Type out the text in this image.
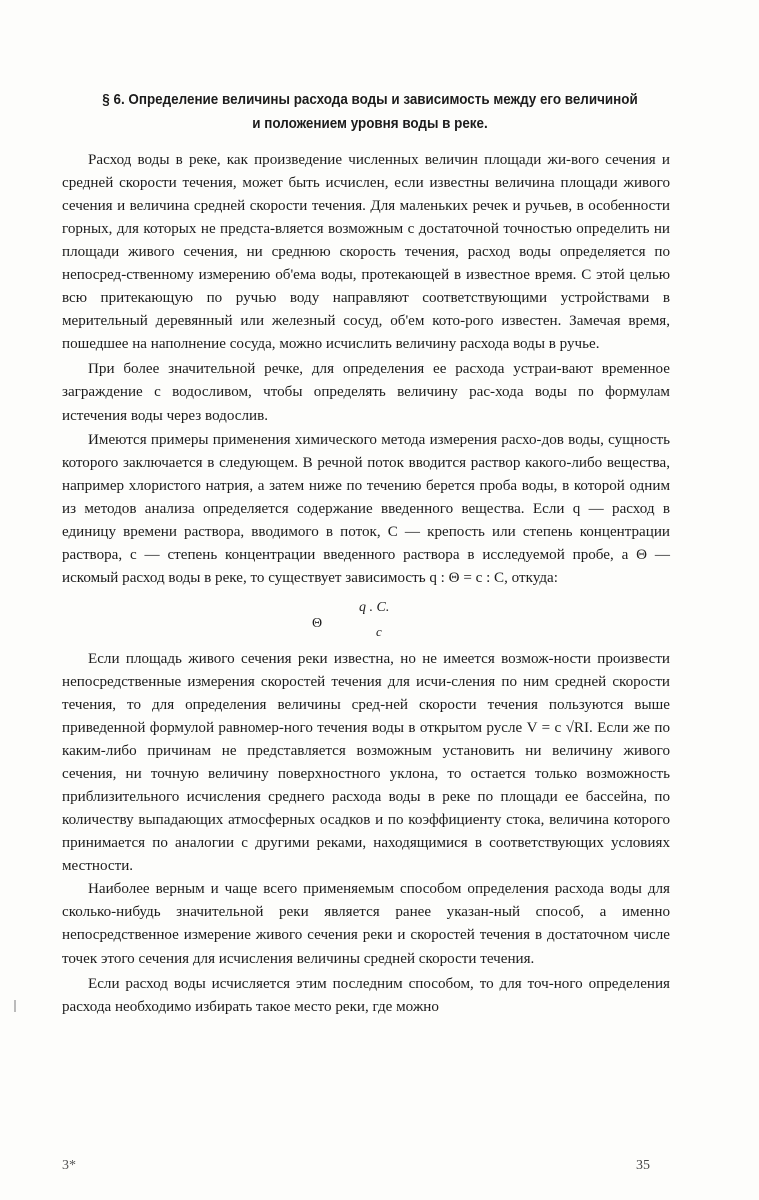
§ 6. Определение величины расхода воды и зависимость между его величиной
и положением уровня воды в реке.

Расход воды в реке, как произведение численных величин площади жи-вого сечения и средней скорости течения, может быть исчислен, если известны величина площади живого сечения и величина средней скорости течения. Для маленьких речек и ручьев, в особенности горных, для которых не предста-вляется возможным с достаточной точностью определить ни площади живого сечения, ни среднюю скорость течения, расход воды определяется по непосред-ственному измерению об'ема воды, протекающей в известное время. С этой целью всю притекающую по ручью воду направляют соответствующими устройствами в мерительный деревянный или железный сосуд, об'ем кото-рого известен. Замечая время, пошедшее на наполнение сосуда, можно исчислить величину расхода воды в ручье.

При более значительной речке, для определения ее расхода устраи-вают временное заграждение с водосливом, чтобы определять величину рас-хода воды по формулам истечения воды через водослив.

Имеются примеры применения химического метода измерения расхо-дов воды, сущность которого заключается в следующем. В речной поток вводится раствор какого-либо вещества, например хлористого натрия, а затем ниже по течению берется проба воды, в которой одним из методов анализа определяется содержание введенного вещества. Если q — расход в единицу времени раствора, вводимого в поток, C — крепость или степень концентрации раствора, c — степень концентрации введенного раствора в исследуемой пробе, а Θ — искомый расход воды в реке, то существует зависимость q : Θ = c : C, откуда:

Θ
q . C.
c

Если площадь живого сечения реки известна, но не имеется возмож-ности произвести непосредственные измерения скоростей течения для исчи-сления по ним средней скорости течения, то для определения величины сред-ней скорости течения пользуются выше приведенной формулой равномер-ного течения воды в открытом русле V = c √RI. Если же по каким-либо причинам не представляется возможным установить ни величину живого сечения, ни точную величину поверхностного уклона, то остается только возможность приблизительного исчисления среднего расхода воды в реке по площади ее бассейна, по количеству выпадающих атмосферных осадков и по коэффициенту стока, величина которого принимается по аналогии с другими реками, находящимися в соответствующих условиях местности.

Наиболее верным и чаще всего применяемым способом определения расхода воды для сколько-нибудь значительной реки является ранее указан-ный способ, а именно непосредственное измерение живого сечения реки и скоростей течения в достаточном числе точек этого сечения для исчисления величины средней скорости течения.

Если расход воды исчисляется этим последним способом, то для точ-ного определения расхода необходимо избирать такое место реки, где можно

3*	35
